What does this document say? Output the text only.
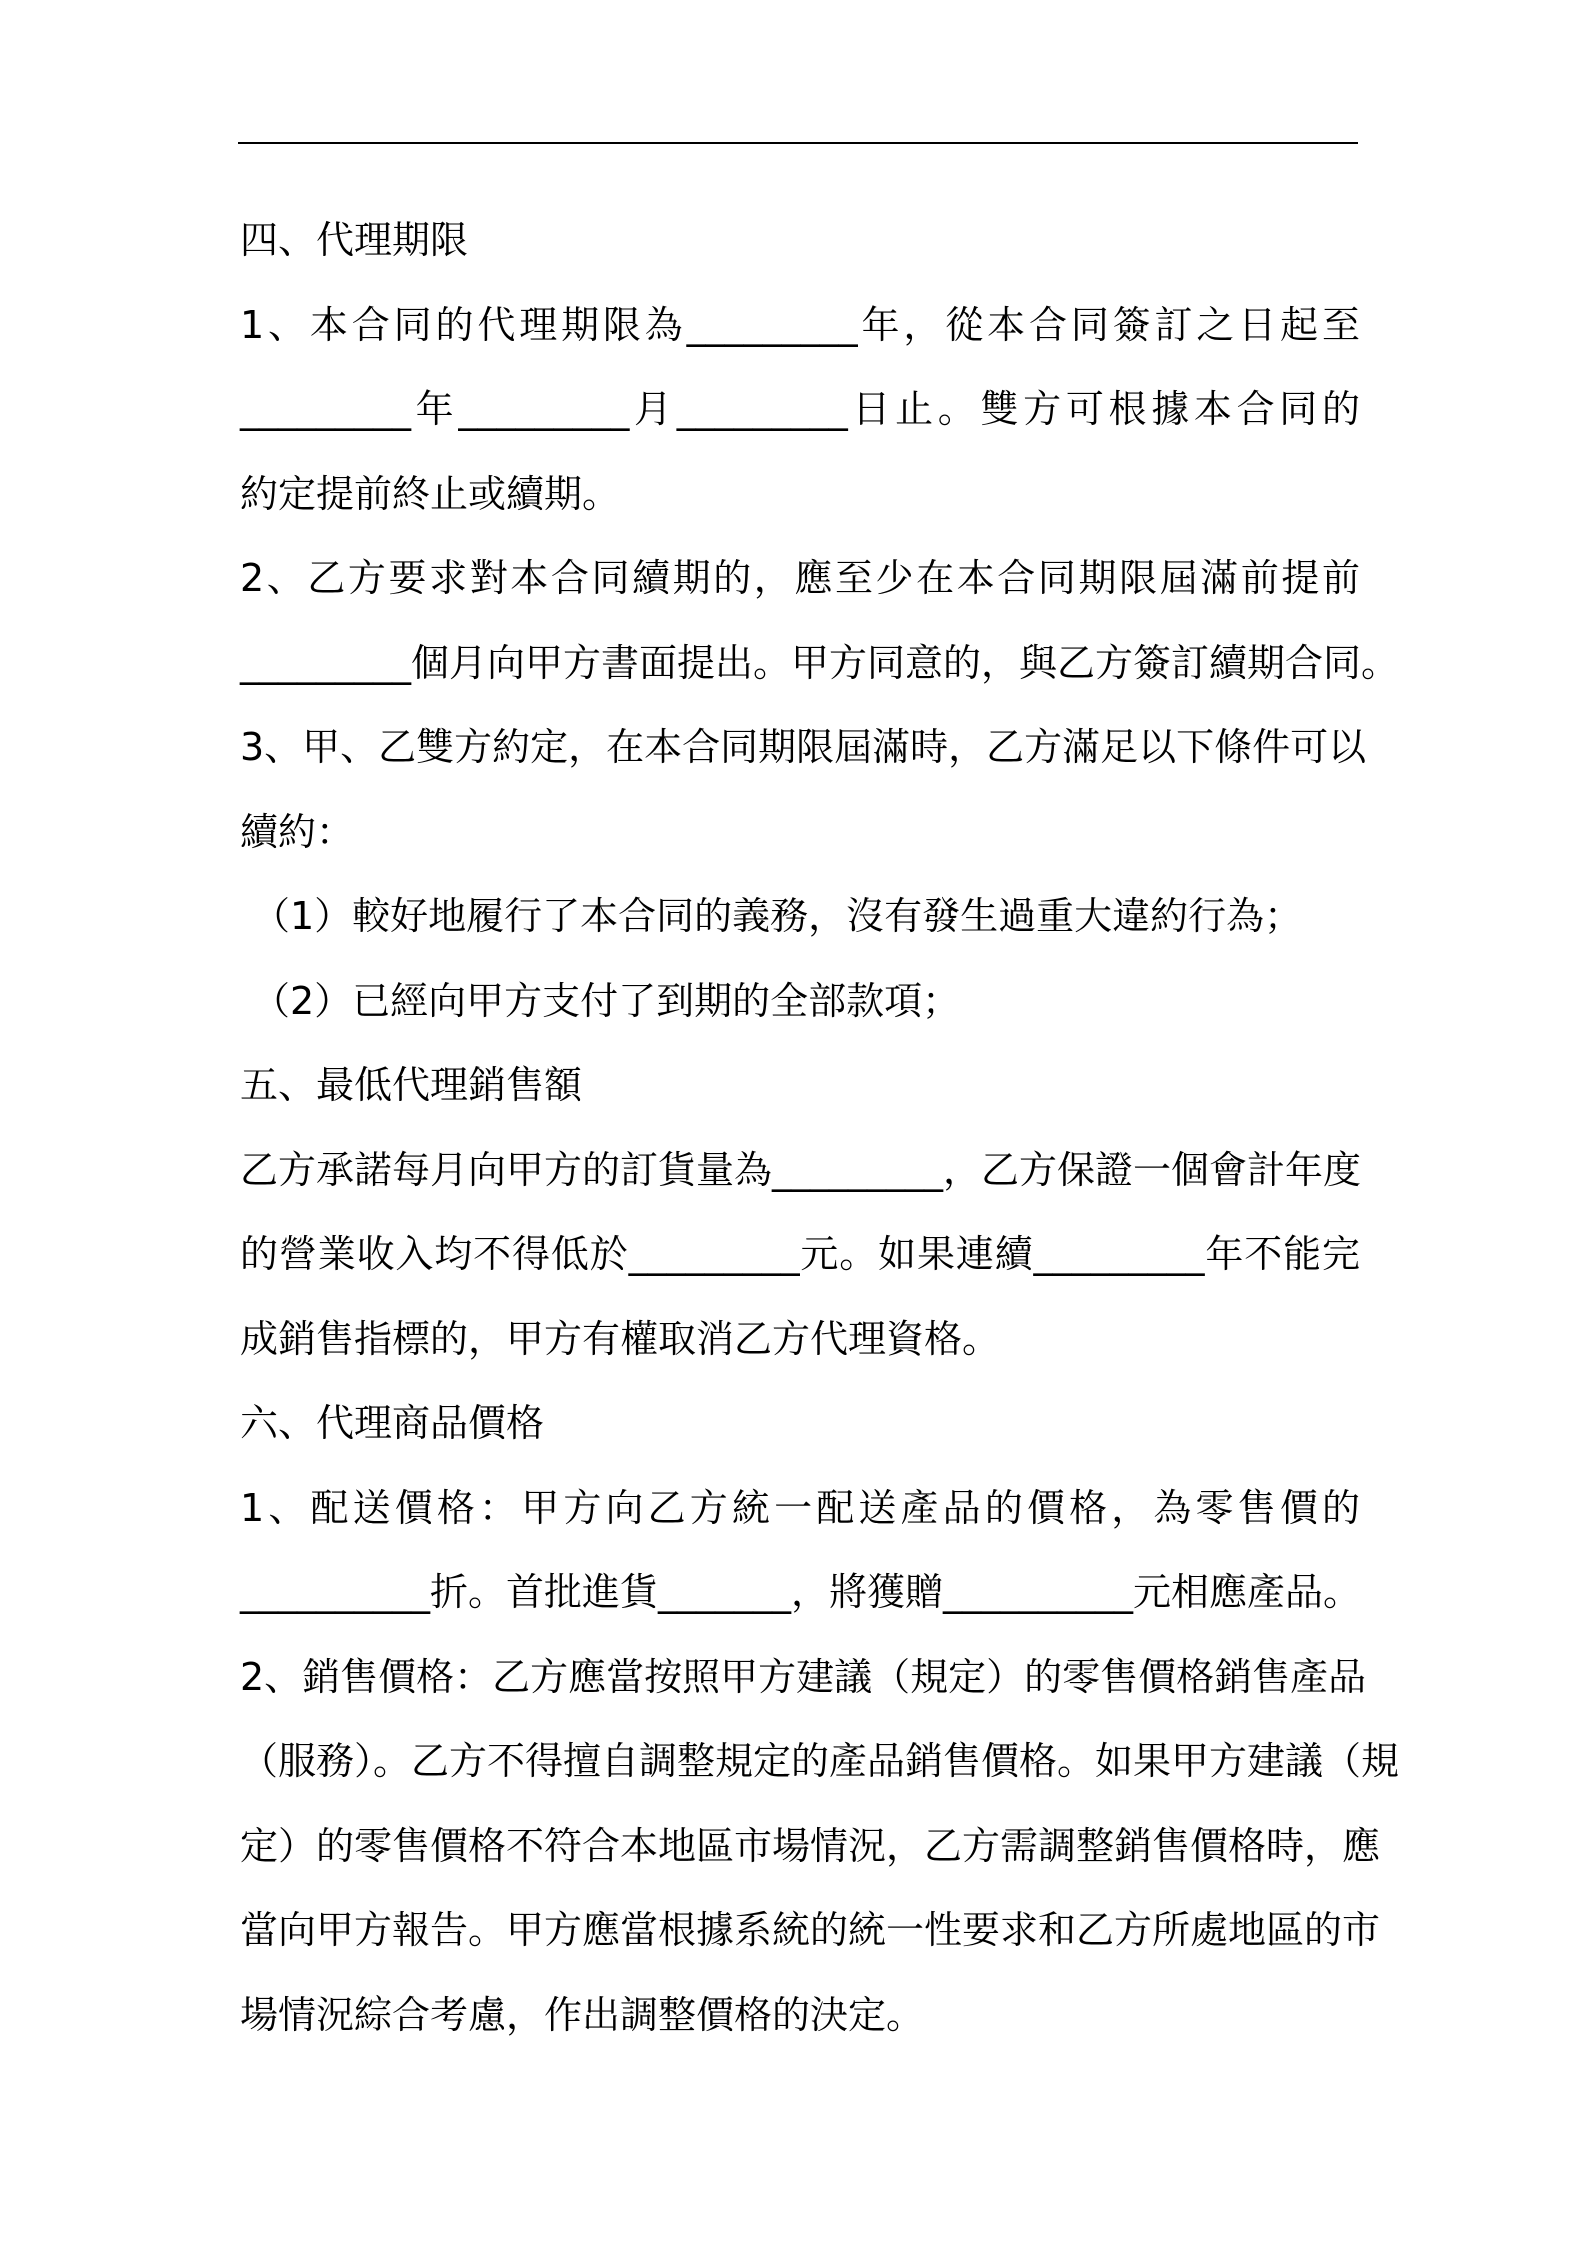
四、代理期限
1、本合同的代理期限為_________年，從本合同簽訂之日起至
_________年_________月_________日止。雙方可根據本合同的
約定提前終止或續期。
2、乙方要求對本合同續期的，應至少在本合同期限屆滿前提前
_________個月向甲方書面提出。甲方同意的，與乙方簽訂續期合同。
3、甲、乙雙方約定，在本合同期限屆滿時，乙方滿足以下條件可以
續約：
（1）較好地履行了本合同的義務，沒有發生過重大違約行為；
（2）已經向甲方支付了到期的全部款項；
五、最低代理銷售額
乙方承諾每月向甲方的訂貨量為_________，乙方保證一個會計年度
的營業收入均不得低於_________元。如果連續_________年不能完
成銷售指標的，甲方有權取消乙方代理資格。
六、代理商品價格
1、配送價格：甲方向乙方統一配送產品的價格，為零售價的
__________折。首批進貨_______，將獲贈__________元相應產品。
2、銷售價格：乙方應當按照甲方建議（規定）的零售價格銷售產品
（服務）。乙方不得擅自調整規定的產品銷售價格。如果甲方建議（規
定）的零售價格不符合本地區市場情況，乙方需調整銷售價格時，應
當向甲方報告。甲方應當根據系統的統一性要求和乙方所處地區的市
場情況綜合考慮，作出調整價格的決定。
